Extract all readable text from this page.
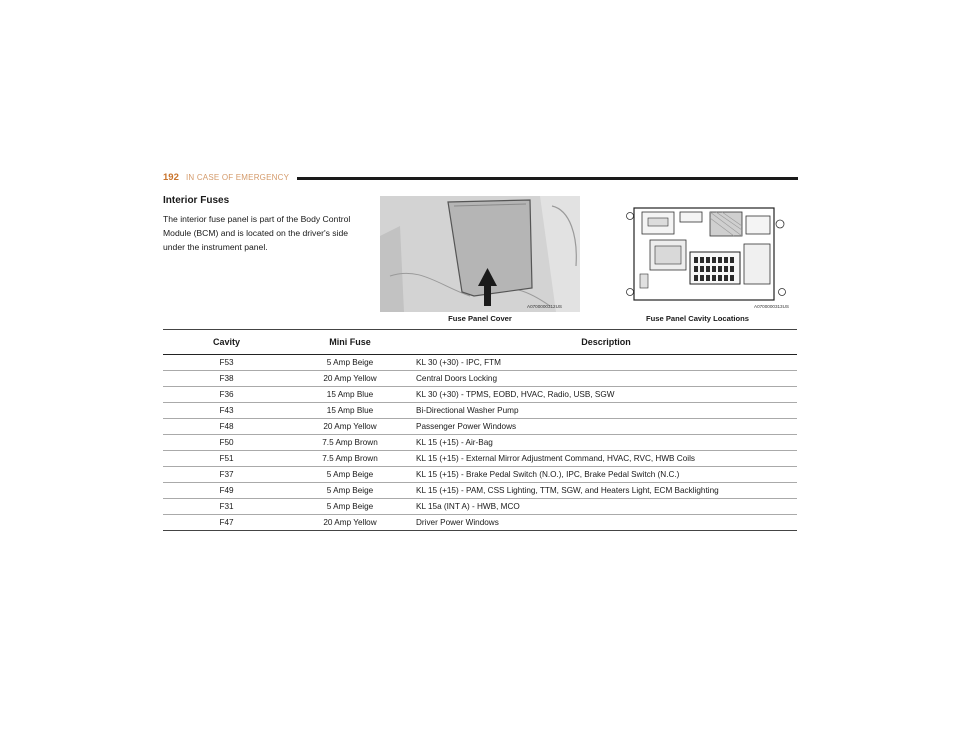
192 IN CASE OF EMERGENCY
Interior Fuses
The interior fuse panel is part of the Body Control Module (BCM) and is located on the driver's side under the instrument panel.
A0700000312US	A0700000313US
Fuse Panel Cover	Fuse Panel Cavity Locations
Cavity	Mini Fuse	Description
F53	5 Amp Beige	KL 30 (+30) - IPC, FTM
F38	20 Amp Yellow	Central Doors Locking
F36	15 Amp Blue	KL 30 (+30) - TPMS, EOBD, HVAC, Radio, USB, SGW
F43	15 Amp Blue	Bi-Directional Washer Pump
F48	20 Amp Yellow	Passenger Power Windows
F50	7.5 Amp Brown	KL 15 (+15) - Air-Bag
F51	7.5 Amp Brown	KL 15 (+15) - External Mirror Adjustment Command, HVAC, RVC, HWB Coils
F37	5 Amp Beige	KL 15 (+15) - Brake Pedal Switch (N.O.), IPC, Brake Pedal Switch (N.C.)
F49	5 Amp Beige	KL 15 (+15) - PAM, CSS Lighting, TTM, SGW, and Heaters Light, ECM Backlighting
F31	5 Amp Beige	KL 15a (INT A) - HWB, MCO
F47	20 Amp Yellow	Driver Power Windows
